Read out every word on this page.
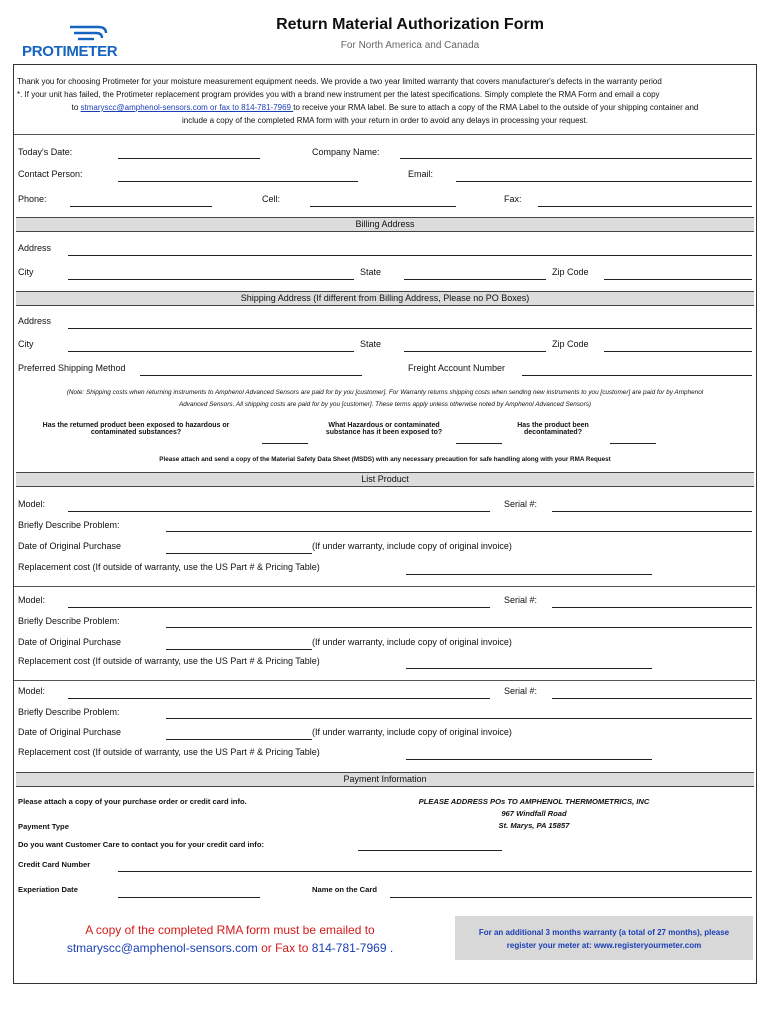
PROTIMETER
Return Material Authorization Form
For North America and Canada
Thank you for choosing Protimeter for your moisture measurement equipment needs. We provide a two year limited warranty that covers manufacturer's defects in the warranty period
*. If your unit has failed, the Protimeter replacement program provides you with a brand new instrument per the latest specifications. Simply complete the RMA Form and email a copy
to stmaryscc@amphenol-sensors.com or fax to 814-781-7969 to receive your RMA label. Be sure to attach a copy of the RMA Label to the outside of your shipping container and
include a copy of the completed RMA form with your return in order to avoid any delays in processing your request.
Today's Date:	Company Name:
Contact Person:	Email:
Phone:	Cell:	Fax:
Billing Address
Address
City	State	Zip Code
Shipping Address (If different from Billing Address, Please no PO Boxes)
Address
City	State	Zip Code
Preferred Shipping Method	Freight Account Number
(Note: Shipping costs when returning instruments to Amphenol Advanced Sensors are paid for by you [customer]. For Warranty returns shipping costs when sending new instruments to you [customer] are paid for by Amphenol
Advanced Sensors. All shipping costs are paid for by you [customer]. These terms apply unless otherwise noted by Amphenol Advanced Sensors)
Has the returned product been exposed to hazardous or
contaminated substances?
What Hazardous or contaminated
substance has it been exposed to?
Has the product been
decontaminated?
Please attach and send a copy of the Material Safety Data Sheet (MSDS) with any necessary precaution for safe handling along with your RMA Request
List Product
Model:	Serial #:
Briefly Describe Problem:
Date of Original Purchase	(If under warranty, include copy of original invoice)
Replacement cost (If outside of warranty, use the US Part # & Pricing Table)
Model:	Serial #:
Briefly Describe Problem:
Date of Original Purchase	(If under warranty, include copy of original invoice)
Replacement cost (If outside of warranty, use the US Part # & Pricing Table)
Model:	Serial #:
Briefly Describe Problem:
Date of Original Purchase	(If under warranty, include copy of original invoice)
Replacement cost (If outside of warranty, use the US Part # & Pricing Table)
Payment Information
Please attach a copy of your purchase order or credit card info.	PLEASE ADDRESS POs TO AMPHENOL THERMOMETRICS, INC
967 Windfall Road
St. Marys, PA 15857
Payment Type
Do you want Customer Care to contact you for your credit card info:
Credit Card Number
Experiation Date	Name on the Card
A copy of the completed RMA form must be emailed to
stmaryscc@amphenol-sensors.com or Fax to 814-781-7969 .
For an additional 3 months warranty (a total of 27 months), please
register your meter at: www.registeryourmeter.com
